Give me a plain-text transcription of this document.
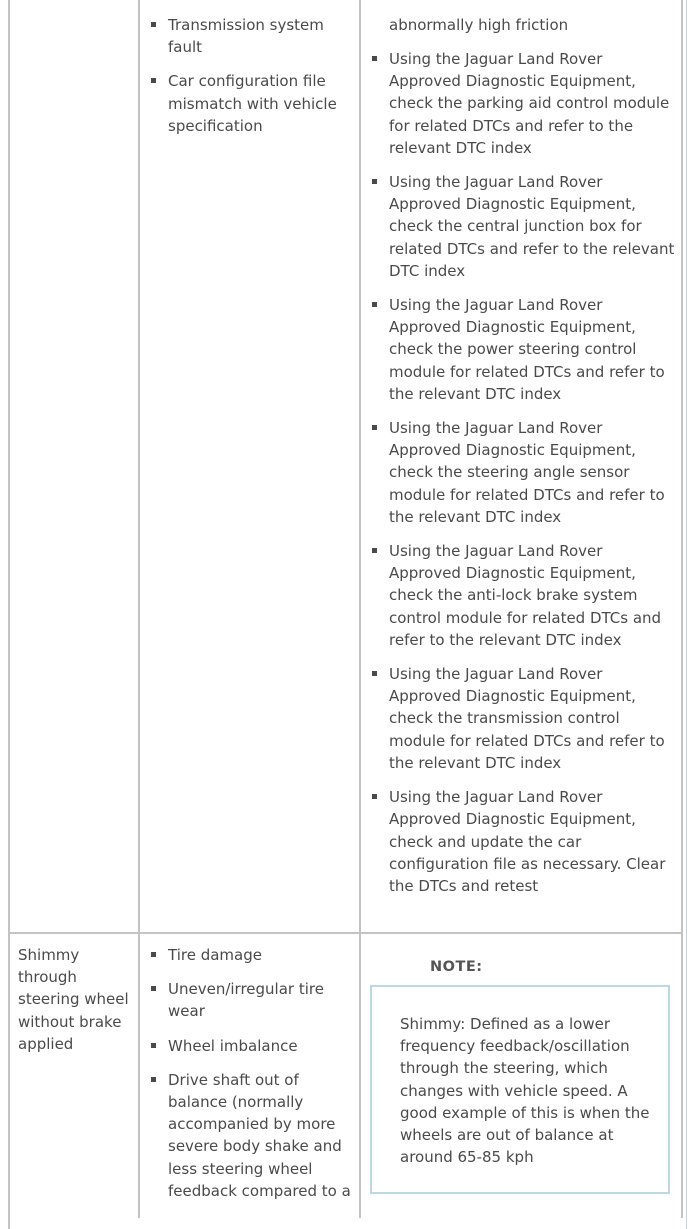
Transmission system fault
Car configuration file mismatch with vehicle specification
abnormally high friction
Using the Jaguar Land Rover Approved Diagnostic Equipment, check the parking aid control module for related DTCs and refer to the relevant DTC index
Using the Jaguar Land Rover Approved Diagnostic Equipment, check the central junction box for related DTCs and refer to the relevant DTC index
Using the Jaguar Land Rover Approved Diagnostic Equipment, check the power steering control module for related DTCs and refer to the relevant DTC index
Using the Jaguar Land Rover Approved Diagnostic Equipment, check the steering angle sensor module for related DTCs and refer to the relevant DTC index
Using the Jaguar Land Rover Approved Diagnostic Equipment, check the anti-lock brake system control module for related DTCs and refer to the relevant DTC index
Using the Jaguar Land Rover Approved Diagnostic Equipment, check the transmission control module for related DTCs and refer to the relevant DTC index
Using the Jaguar Land Rover Approved Diagnostic Equipment, check and update the car configuration file as necessary. Clear the DTCs and retest
Shimmy through steering wheel without brake applied
Tire damage
Uneven/irregular tire wear
Wheel imbalance
Drive shaft out of balance (normally accompanied by more severe body shake and less steering wheel feedback compared to a
NOTE:
Shimmy: Defined as a lower frequency feedback/oscillation through the steering, which changes with vehicle speed. A good example of this is when the wheels are out of balance at around 65-85 kph
